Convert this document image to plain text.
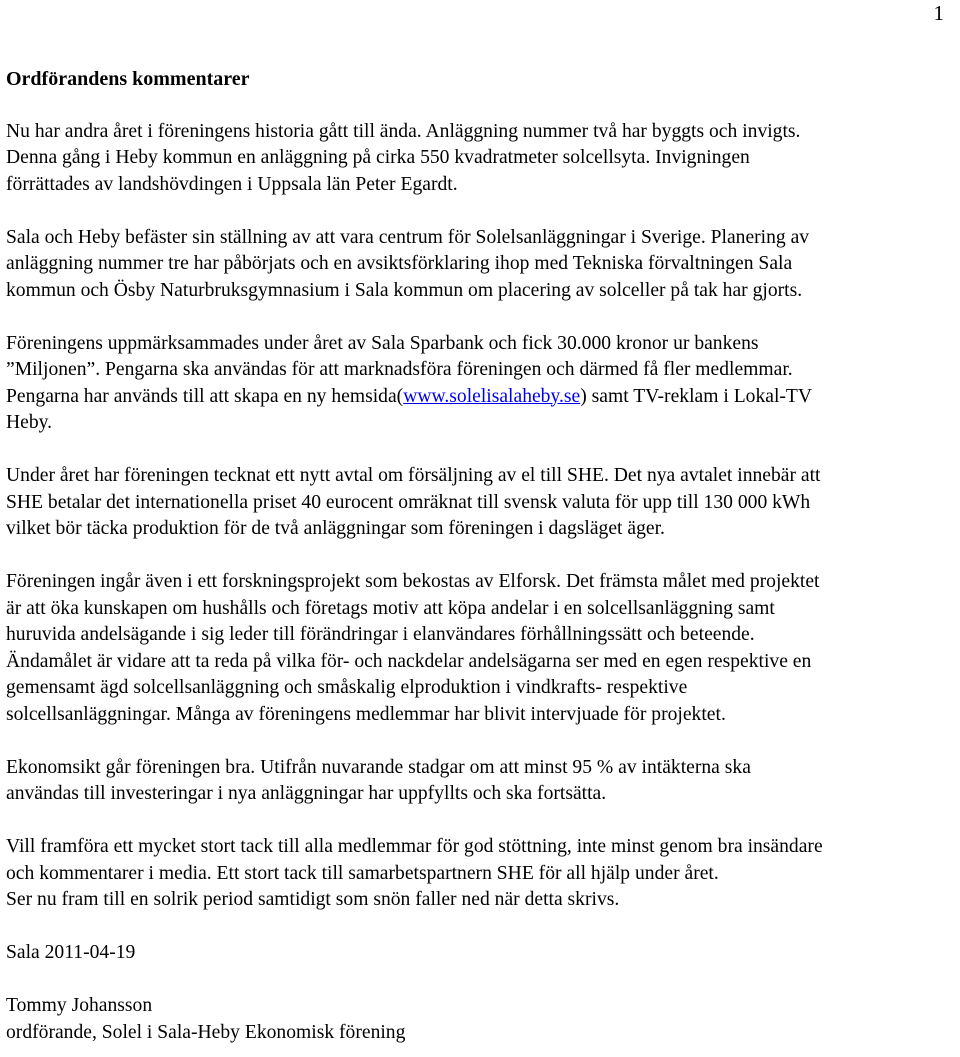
1
Ordförandens kommentarer
Nu har andra året i föreningens historia gått till ända. Anläggning nummer två har byggts och invigts.
Denna gång i Heby kommun en anläggning på cirka 550 kvadratmeter solcellsyta. Invigningen
förrättades av landshövdingen i Uppsala län Peter Egardt.
Sala och Heby befäster sin ställning av att vara centrum för Solelsanläggningar i Sverige. Planering av
anläggning nummer tre har påbörjats och en avsiktsförklaring ihop med Tekniska förvaltningen Sala
kommun och Ösby Naturbruksgymnasium i Sala kommun om placering av solceller på tak har gjorts.
Föreningens uppmärksammades under året av Sala Sparbank och fick 30.000 kronor ur bankens
”Miljonen”. Pengarna ska användas för att marknadsföra föreningen och därmed få fler medlemmar.
Pengarna har används till att skapa en ny hemsida(www.solelisalaheby.se) samt TV-reklam i Lokal-TV
Heby.
Under året har föreningen tecknat ett nytt avtal om försäljning av el till SHE. Det nya avtalet innebär att
SHE betalar det internationella priset 40 eurocent omräknat till svensk valuta för upp till 130 000 kWh
vilket bör täcka produktion för de två anläggningar som föreningen i dagsläget äger.
Föreningen ingår även i ett forskningsprojekt som bekostas av Elforsk. Det främsta målet med projektet
är att öka kunskapen om hushålls och företags motiv att köpa andelar i en solcellsanläggning samt
huruvida andelsägande i sig leder till förändringar i elanvändares förhållningssätt och beteende.
Ändamålet är vidare att ta reda på vilka för- och nackdelar andelsägarna ser med en egen respektive en
gemensamt ägd solcellsanläggning och småskalig elproduktion i vindkrafts- respektive
solcellsanläggningar. Många av föreningens medlemmar har blivit intervjuade för projektet.
Ekonomsikt går föreningen bra. Utifrån nuvarande stadgar om att minst 95 % av intäkterna ska
användas till investeringar i nya anläggningar har uppfyllts och ska fortsätta.
Vill framföra ett mycket stort tack till alla medlemmar för god stöttning, inte minst genom bra insändare
och kommentarer i media. Ett stort tack till samarbetspartnern SHE för all hjälp under året.
Ser nu fram till en solrik period samtidigt som snön faller ned när detta skrivs.
Sala 2011-04-19
Tommy Johansson
ordförande, Solel i Sala-Heby Ekonomisk förening
